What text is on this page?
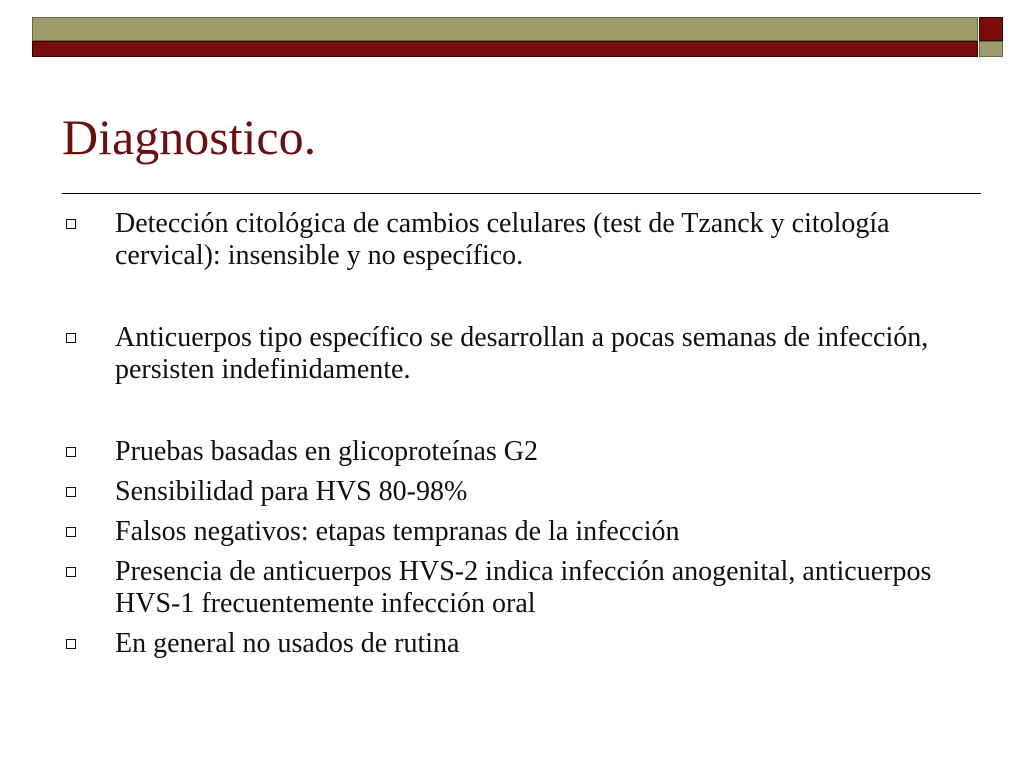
Diagnostico.
Detección citológica de cambios celulares (test de Tzanck y citología cervical): insensible y no específico.
Anticuerpos tipo específico se desarrollan a pocas semanas de infección, persisten indefinidamente.
Pruebas basadas en glicoproteínas G2
Sensibilidad para HVS 80-98%
Falsos negativos: etapas tempranas de la infección
Presencia de anticuerpos HVS-2 indica infección anogenital, anticuerpos HVS-1 frecuentemente infección oral
En general no usados de rutina
